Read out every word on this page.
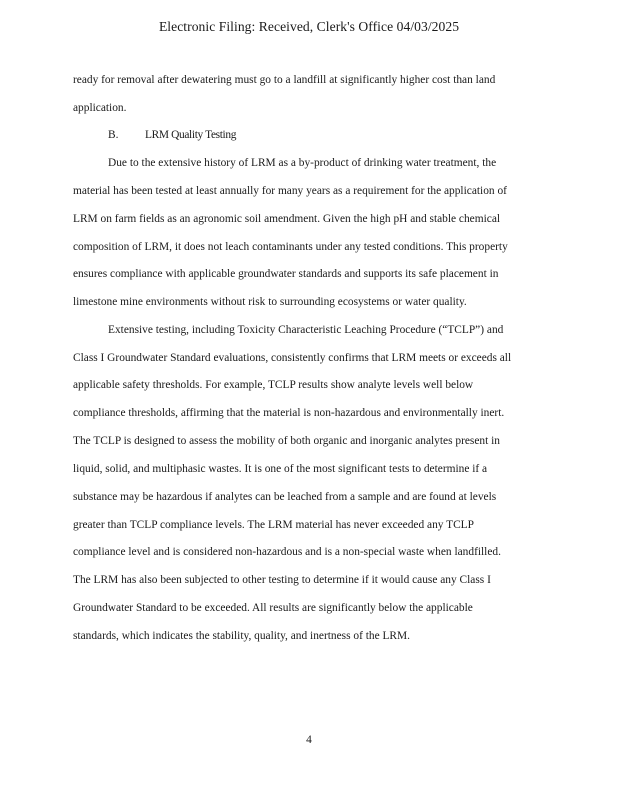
Electronic Filing: Received, Clerk's Office 04/03/2025
ready for removal after dewatering must go to a landfill at significantly higher cost than land
application.
B. LRM Quality Testing
Due to the extensive history of LRM as a by-product of drinking water treatment, the
material has been tested at least annually for many years as a requirement for the application of
LRM on farm fields as an agronomic soil amendment. Given the high pH and stable chemical
composition of LRM, it does not leach contaminants under any tested conditions. This property
ensures compliance with applicable groundwater standards and supports its safe placement in
limestone mine environments without risk to surrounding ecosystems or water quality.
Extensive testing, including Toxicity Characteristic Leaching Procedure (“TCLP”) and
Class I Groundwater Standard evaluations, consistently confirms that LRM meets or exceeds all
applicable safety thresholds. For example, TCLP results show analyte levels well below
compliance thresholds, affirming that the material is non-hazardous and environmentally inert.
The TCLP is designed to assess the mobility of both organic and inorganic analytes present in
liquid, solid, and multiphasic wastes. It is one of the most significant tests to determine if a
substance may be hazardous if analytes can be leached from a sample and are found at levels
greater than TCLP compliance levels. The LRM material has never exceeded any TCLP
compliance level and is considered non-hazardous and is a non-special waste when landfilled.
The LRM has also been subjected to other testing to determine if it would cause any Class I
Groundwater Standard to be exceeded. All results are significantly below the applicable
standards, which indicates the stability, quality, and inertness of the LRM.
4
